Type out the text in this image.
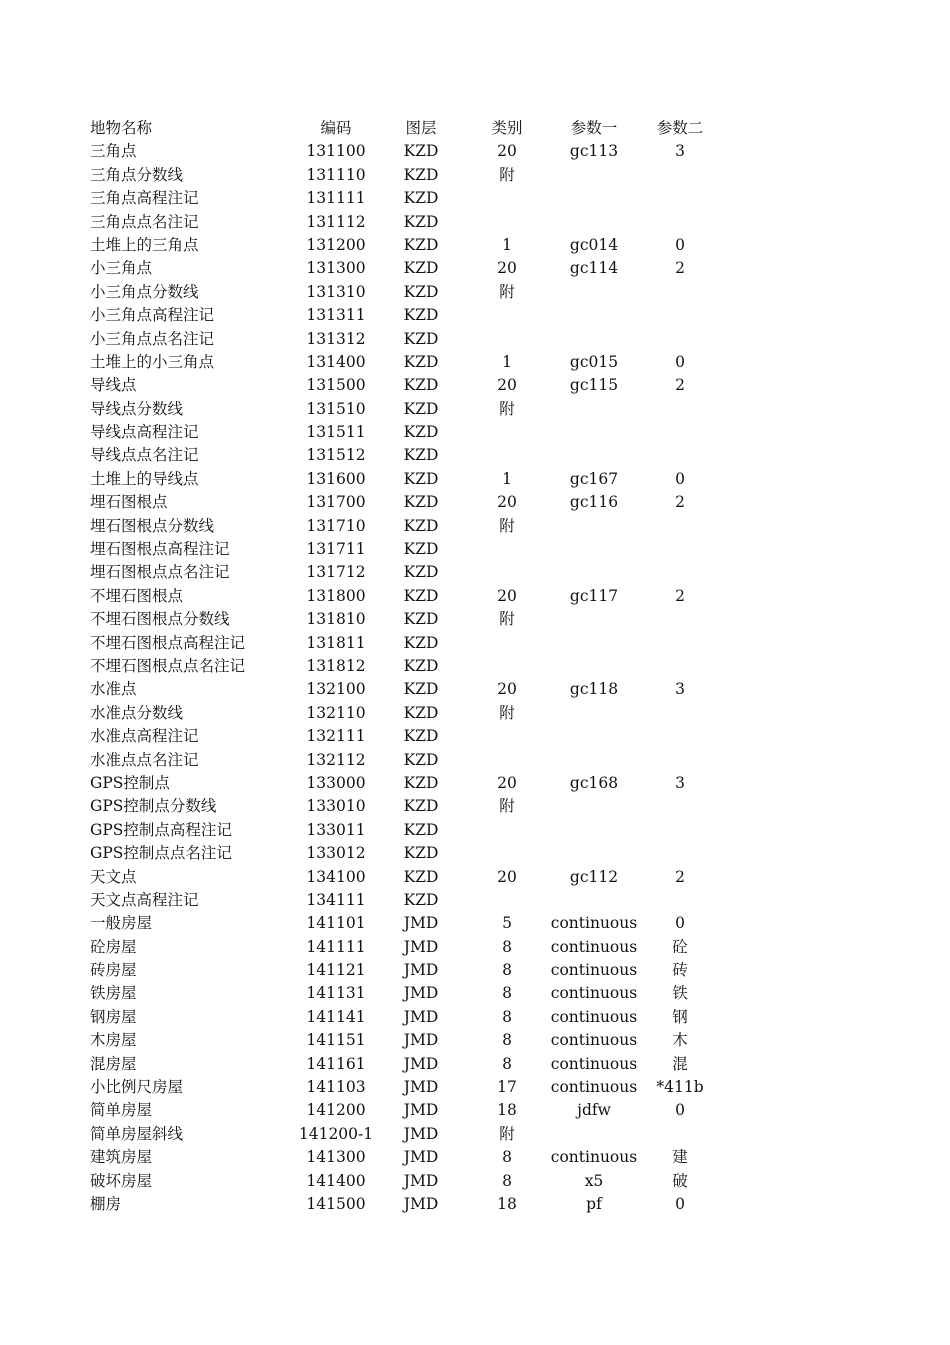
地物名称	编码	图层	类别	参数一	参数二
三角点	131100 KZD	20	gc113	3
三角点分数线	131110 KZD	附
三角点高程注记	131111 KZD
三角点点名注记	131112 KZD
土堆上的三角点	131200 KZD	1	gc014	0
小三角点	131300 KZD	20	gc114	2
小三角点分数线	131310 KZD	附
小三角点高程注记	131311 KZD
小三角点点名注记	131312 KZD
土堆上的小三角点	131400 KZD	1	gc015	0
导线点	131500 KZD	20	gc115	2
导线点分数线	131510 KZD	附
导线点高程注记	131511 KZD
导线点点名注记	131512 KZD
土堆上的导线点	131600 KZD	1	gc167	0
埋石图根点	131700 KZD	20	gc116	2
埋石图根点分数线	131710 KZD	附
埋石图根点高程注记	131711 KZD
埋石图根点点名注记	131712 KZD
不埋石图根点	131800 KZD	20	gc117	2
不埋石图根点分数线	131810 KZD	附
不埋石图根点高程注记	131811 KZD
不埋石图根点点名注记	131812 KZD
水准点	132100 KZD	20	gc118	3
水准点分数线	132110 KZD	附
水准点高程注记	132111 KZD
水准点点名注记	132112 KZD
GPS控制点	133000 KZD	20	gc168	3
GPS控制点分数线	133010 KZD	附
GPS控制点高程注记	133011 KZD
GPS控制点点名注记	133012 KZD
天文点	134100 KZD	20	gc112	2
天文点高程注记	134111 KZD
一般房屋	141101 JMD	5	continuous 0
砼房屋	141111 JMD	8	continuous 砼
砖房屋	141121 JMD	8	continuous 砖
铁房屋	141131 JMD	8	continuous 铁
钢房屋	141141 JMD	8	continuous 钢
木房屋	141151 JMD	8	continuous 木
混房屋	141161 JMD	8	continuous 混
小比例尺房屋	141103 JMD	17 continuous *411b
简单房屋	141200 JMD	18	jdfw	0
简单房屋斜线	141200-1 JMD	附
建筑房屋	141300 JMD	8	continuous 建
破坏房屋	141400 JMD	8	x5	破
棚房	141500 JMD	18	pf	0
